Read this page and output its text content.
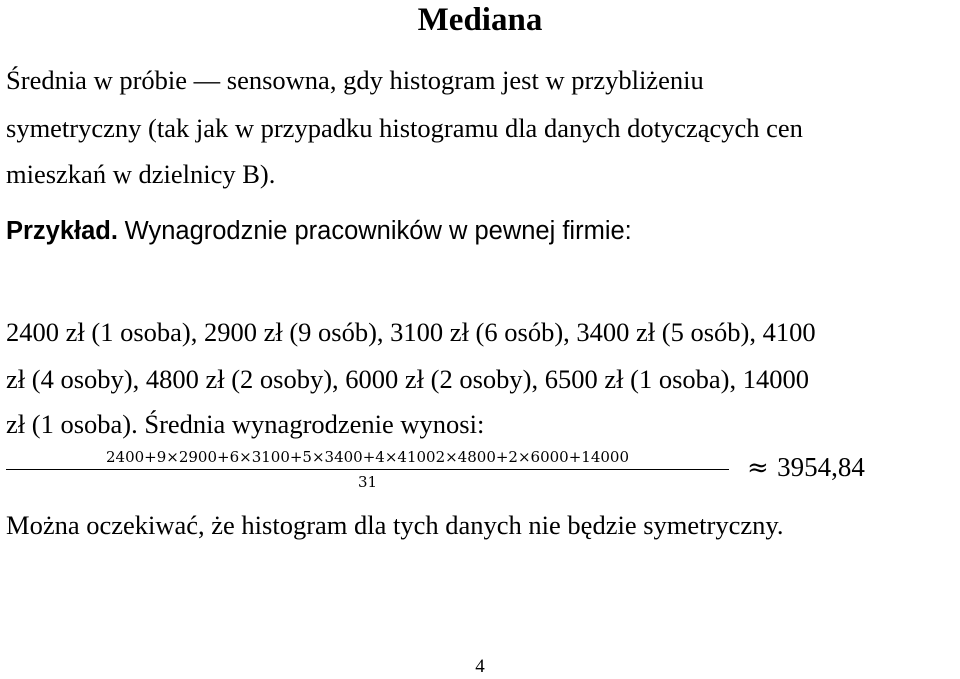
Mediana
Średnia w próbie — sensowna, gdy histogram jest w przybliżeniu
symetryczny (tak jak w przypadku histogramu dla danych dotyczących cen
mieszkań w dzielnicy B).
Przykład. Wynagrodznie pracowników w pewnej firmie:
2400 zł (1 osoba), 2900 zł (9 osób), 3100 zł (6 osób), 3400 zł (5 osób), 4100
zł (4 osoby), 4800 zł (2 osoby), 6000 zł (2 osoby), 6500 zł (1 osoba), 14000
zł (1 osoba). Średnia wynagrodzenie wynosi:
2400+9×2900+6×3100+5×3400+4×41002×4800+2×6000+14000
31	≈ 3954,84
Można oczekiwać, że histogram dla tych danych nie będzie symetryczny.
4
